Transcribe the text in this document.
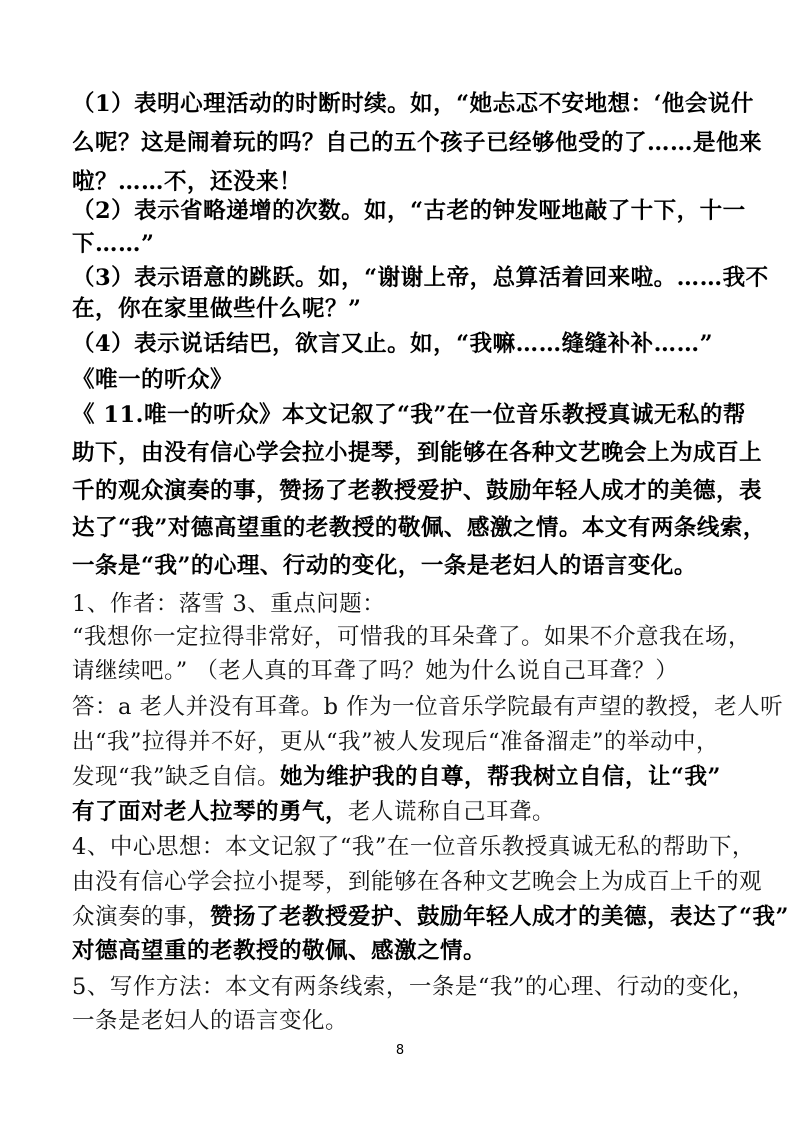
（1）表明心理活动的时断时续。如，“她忐忑不安地想：‘他会说什
么呢？这是闹着玩的吗？自己的五个孩子已经够他受的了……是他来
啦？……不，还没来！
（2）表示省略递增的次数。如，“古老的钟发哑地敲了十下，十一
下……”
（3）表示语意的跳跃。如，“谢谢上帝，总算活着回来啦。……我不
在，你在家里做些什么呢？”
（4）表示说话结巴，欲言又止。如，“我嘛……缝缝补补……”
《唯一的听众》
《 11.唯一的听众》本文记叙了“我”在一位音乐教授真诚无私的帮
助下，由没有信心学会拉小提琴，到能够在各种文艺晚会上为成百上
千的观众演奏的事，赞扬了老教授爱护、鼓励年轻人成才的美德，表
达了“我”对德高望重的老教授的敬佩、感激之情。本文有两条线索，
一条是“我”的心理、行动的变化，一条是老妇人的语言变化。
1、作者：落雪 3、重点问题：
“我想你一定拉得非常好，可惜我的耳朵聋了。如果不介意我在场，
请继续吧。” （老人真的耳聋了吗？她为什么说自己耳聋？）
答：a 老人并没有耳聋。b 作为一位音乐学院最有声望的教授，老人听
出“我”拉得并不好，更从“我”被人发现后“准备溜走”的举动中，
发现“我”缺乏自信。她为维护我的自尊，帮我树立自信，让“我”
有了面对老人拉琴的勇气，老人谎称自己耳聋。
4、中心思想：本文记叙了“我”在一位音乐教授真诚无私的帮助下，
由没有信心学会拉小提琴，到能够在各种文艺晚会上为成百上千的观
众演奏的事，赞扬了老教授爱护、鼓励年轻人成才的美德，表达了“我”
对德高望重的老教授的敬佩、感激之情。
5、写作方法：本文有两条线索，一条是“我”的心理、行动的变化，
一条是老妇人的语言变化。
8
